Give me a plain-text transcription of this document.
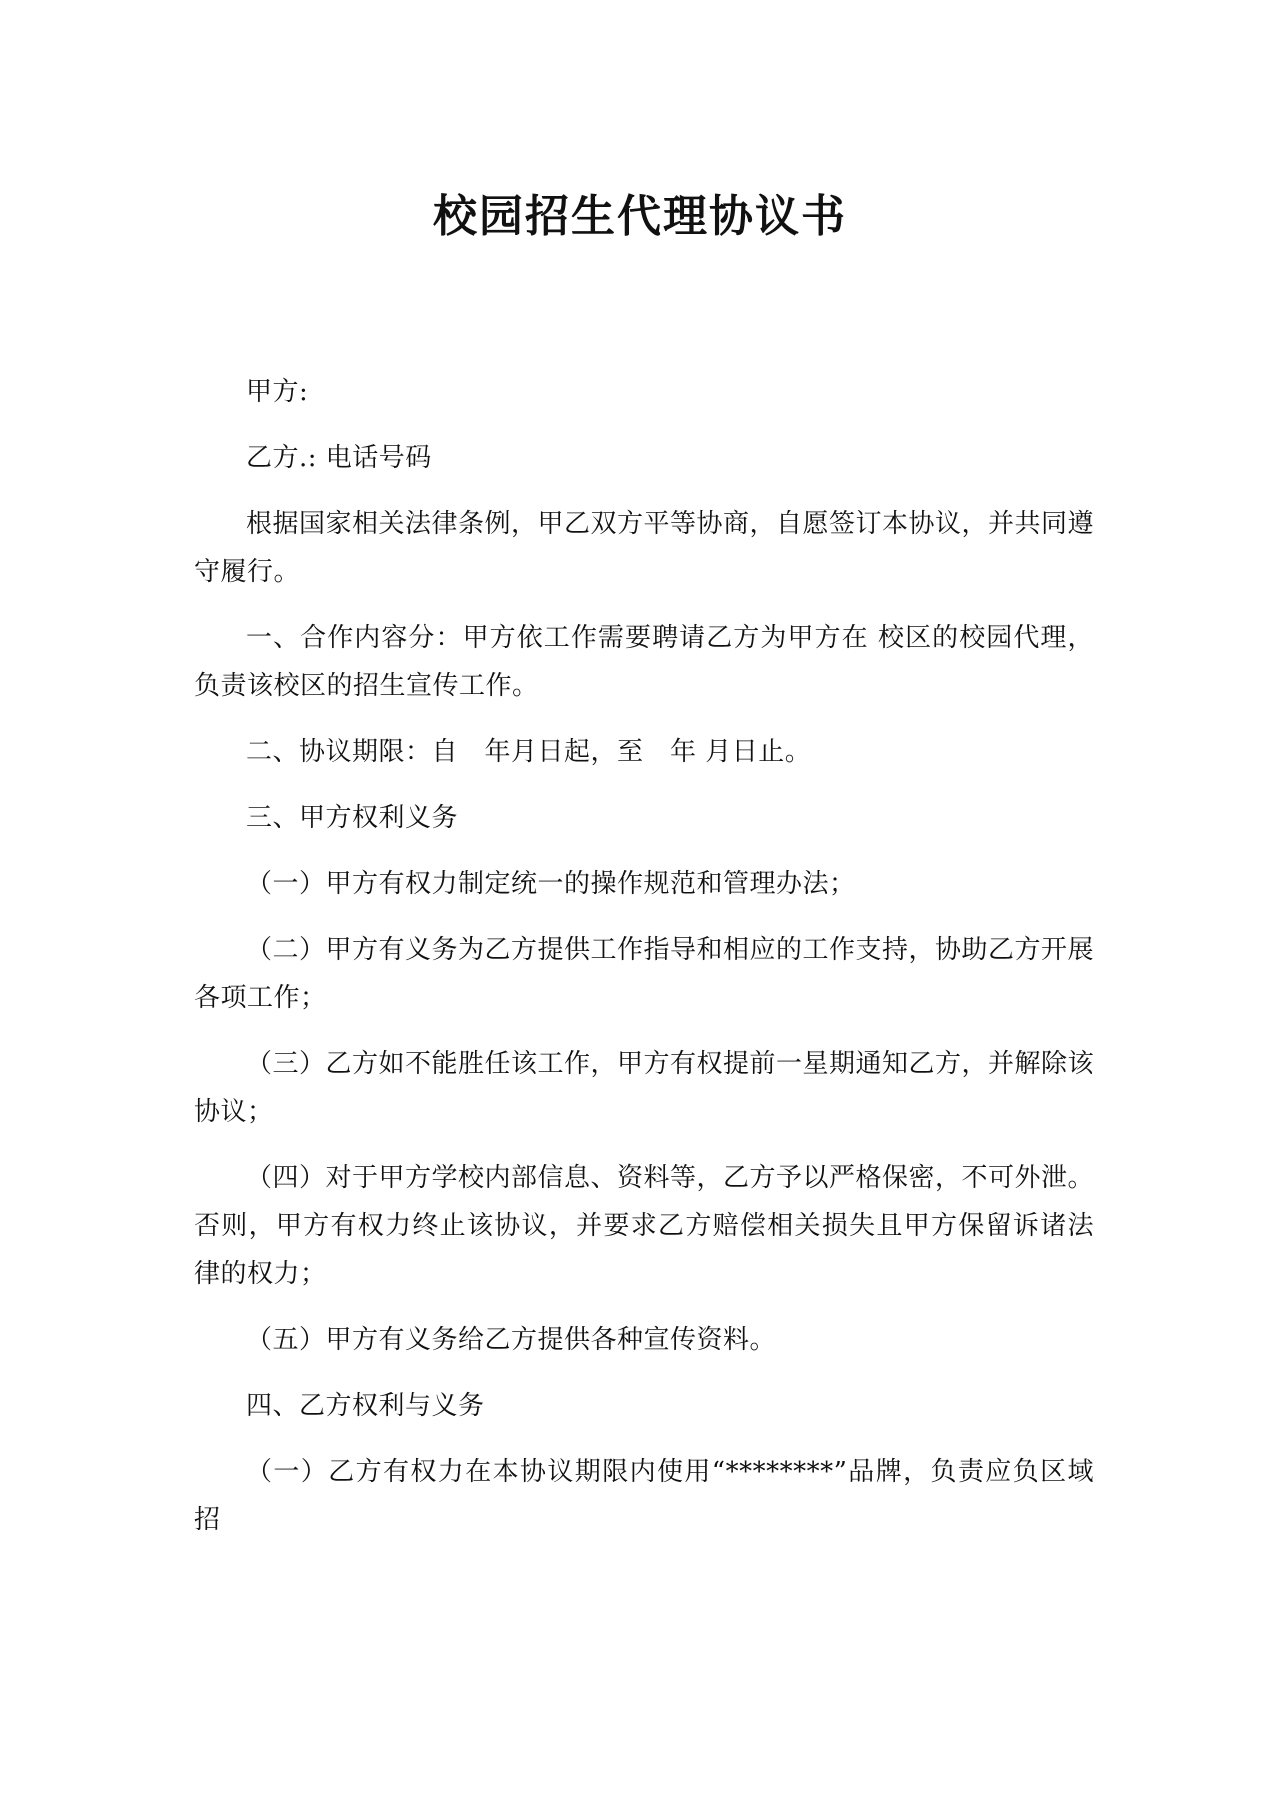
校园招生代理协议书

甲方:

乙方.: 电话号码

根据国家相关法律条例，甲乙双方平等协商，自愿签订本协议，并共同遵守履行。

一、合作内容分：甲方依工作需要聘请乙方为甲方在 校区的校园代理，负责该校区的招生宣传工作。

二、协议期限：自　年月日起，至　年 月日止。

三、甲方权利义务

（一）甲方有权力制定统一的操作规范和管理办法；

（二）甲方有义务为乙方提供工作指导和相应的工作支持，协助乙方开展各项工作；

（三）乙方如不能胜任该工作，甲方有权提前一星期通知乙方，并解除该协议；

（四）对于甲方学校内部信息、资料等，乙方予以严格保密，不可外泄。否则，甲方有权力终止该协议，并要求乙方赔偿相关损失且甲方保留诉诸法律的权力；

（五）甲方有义务给乙方提供各种宣传资料。

四、乙方权利与义务

（一）乙方有权力在本协议期限内使用“********”品牌，负责应负区域招
